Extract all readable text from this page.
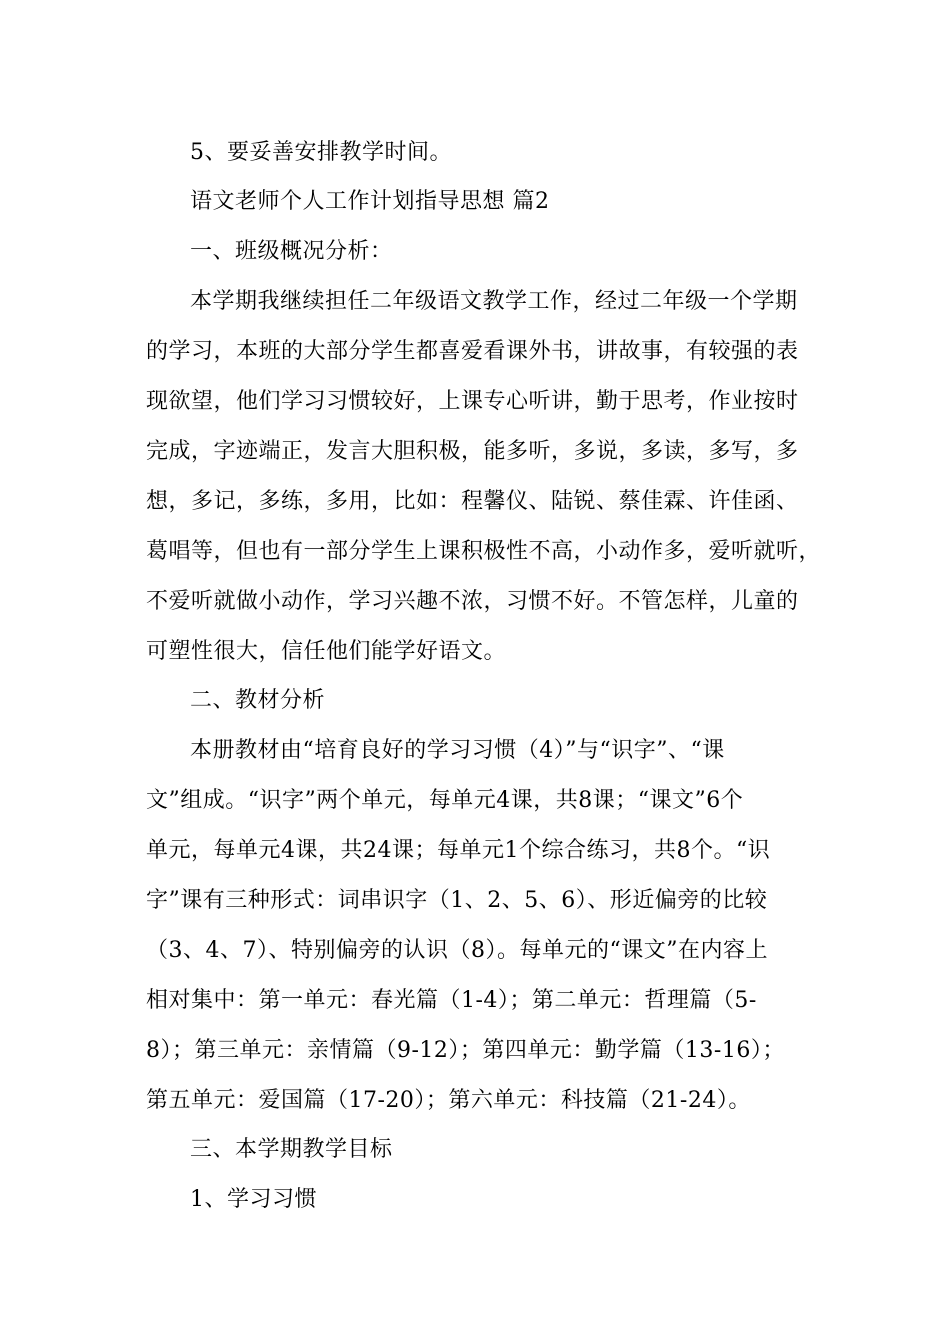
5、要妥善安排教学时间。
语文老师个人工作计划指导思想 篇2
一、班级概况分析：
本学期我继续担任二年级语文教学工作，经过二年级一个学期
的学习，本班的大部分学生都喜爱看课外书，讲故事，有较强的表
现欲望，他们学习习惯较好，上课专心听讲，勤于思考，作业按时
完成，字迹端正，发言大胆积极，能多听，多说，多读，多写，多
想，多记，多练，多用，比如：程馨仪、陆锐、蔡佳霖、许佳函、
葛唱等，但也有一部分学生上课积极性不高，小动作多，爱听就听，
不爱听就做小动作，学习兴趣不浓，习惯不好。不管怎样，儿童的
可塑性很大，信任他们能学好语文。
二、教材分析
本册教材由“培育良好的学习习惯（4）”与“识字”、“课
文”组成。“识字”两个单元，每单元4课，共8课；“课文”6个
单元，每单元4课，共24课；每单元1个综合练习，共8个。“识
字”课有三种形式：词串识字（1、2、5、6）、形近偏旁的比较
（3、4、7）、特别偏旁的认识（8）。每单元的“课文”在内容上
相对集中：第一单元：春光篇（1-4）；第二单元：哲理篇（5-
8）；第三单元：亲情篇（9-12）；第四单元：勤学篇（13-16）；
第五单元：爱国篇（17-20）；第六单元：科技篇（21-24）。
三、本学期教学目标
1、学习习惯
